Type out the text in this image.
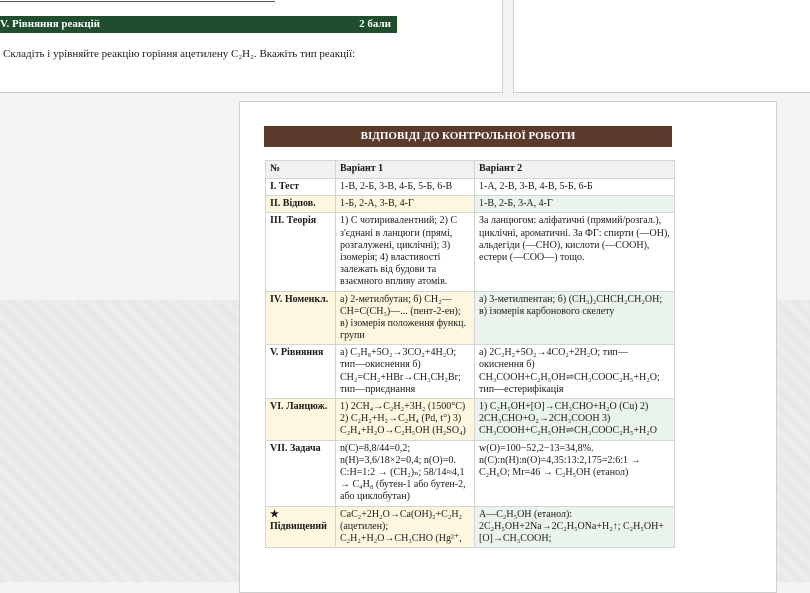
V. Рівняння реакцій	2 бали
Складіть і урівняйте реакцію горіння ацетилену C₂H₂. Вкажіть тип реакції:
ВІДПОВІДІ ДО КОНТРОЛЬНОЇ РОБОТИ
№	Варіант 1	Варіант 2
I. Тест	1-В, 2-Б, 3-В, 4-Б, 5-Б, 6-В	1-А, 2-В, 3-В, 4-В, 5-Б, 6-Б
II. Відпов.	1-Б, 2-А, 3-В, 4-Г	1-В, 2-Б, 3-А, 4-Г
III. Теорія	1) С чотиривалентний; 2) С з'єднані в ланцюги (прямі, розгалужені, циклічні); 3) ізомерія; 4) властивості залежать від будови та взаємного впливу атомів.	За ланцюгом: аліфатичні (прямий/розгал.), циклічні, ароматичні. За ФГ: спирти (—OH), альдегіди (—CHO), кислоти (—COOH), естери (—COO—) тощо.
IV. Номенкл.	а) 2-метилбутан; б) CH₂—CH=C(CH₃)—... (пент-2-ен); в) ізомерія положення функц. групи	а) 3-метилпентан; б) (CH₃)₂CHCH₂CH₂OH; в) ізомерія карбонового скелету
V. Рівняння	а) C₃H₈+5O₂→3CO₂+4H₂O; тип—окиснення б) CH₂=CH₂+HBr→CH₃CH₂Br; тип—приєднання	а) 2C₂H₂+5O₂→4CO₂+2H₂O; тип—окиснення б) CH₃COOH+C₂H₅OH⇌CH₃COOC₂H₅+H₂O; тип—естерифікація
VI. Ланцюж.	1) 2CH₄→C₂H₂+3H₂ (1500°C) 2) C₂H₂+H₂→C₂H₄ (Pd, t°) 3) C₂H₄+H₂O→C₂H₅OH (H₂SO₄)	1) C₂H₅OH+[O]→CH₃CHO+H₂O (Cu) 2) 2CH₃CHO+O₂→2CH₃COOH 3) CH₃COOH+C₂H₅OH⇌CH₃COOC₂H₅+H₂O
VII. Задача	n(C)=8,8/44=0,2; n(H)=3,6/18×2=0,4; n(O)=0. C:H=1:2 → (CH₂)ₙ; 58/14≈4,1 → C₄H₈ (бутен-1 або бутен-2, або циклобутан)	w(O)=100−52,2−13=34,8%. n(C):n(H):n(O)=4,35:13:2,175=2:6:1 → C₂H₆O; Mr=46 → C₂H₅OH (етанол)
★ Підвищений	CaC₂+2H₂O→Ca(OH)₂+C₂H₂ (ацетилен); C₂H₂+H₂O→CH₃CHO (Hg²⁺,	A—C₂H₅OH (етанол): 2C₂H₅OH+2Na→2C₂H₅ONa+H₂↑; C₂H₅OH+[O]→CH₃COOH;
